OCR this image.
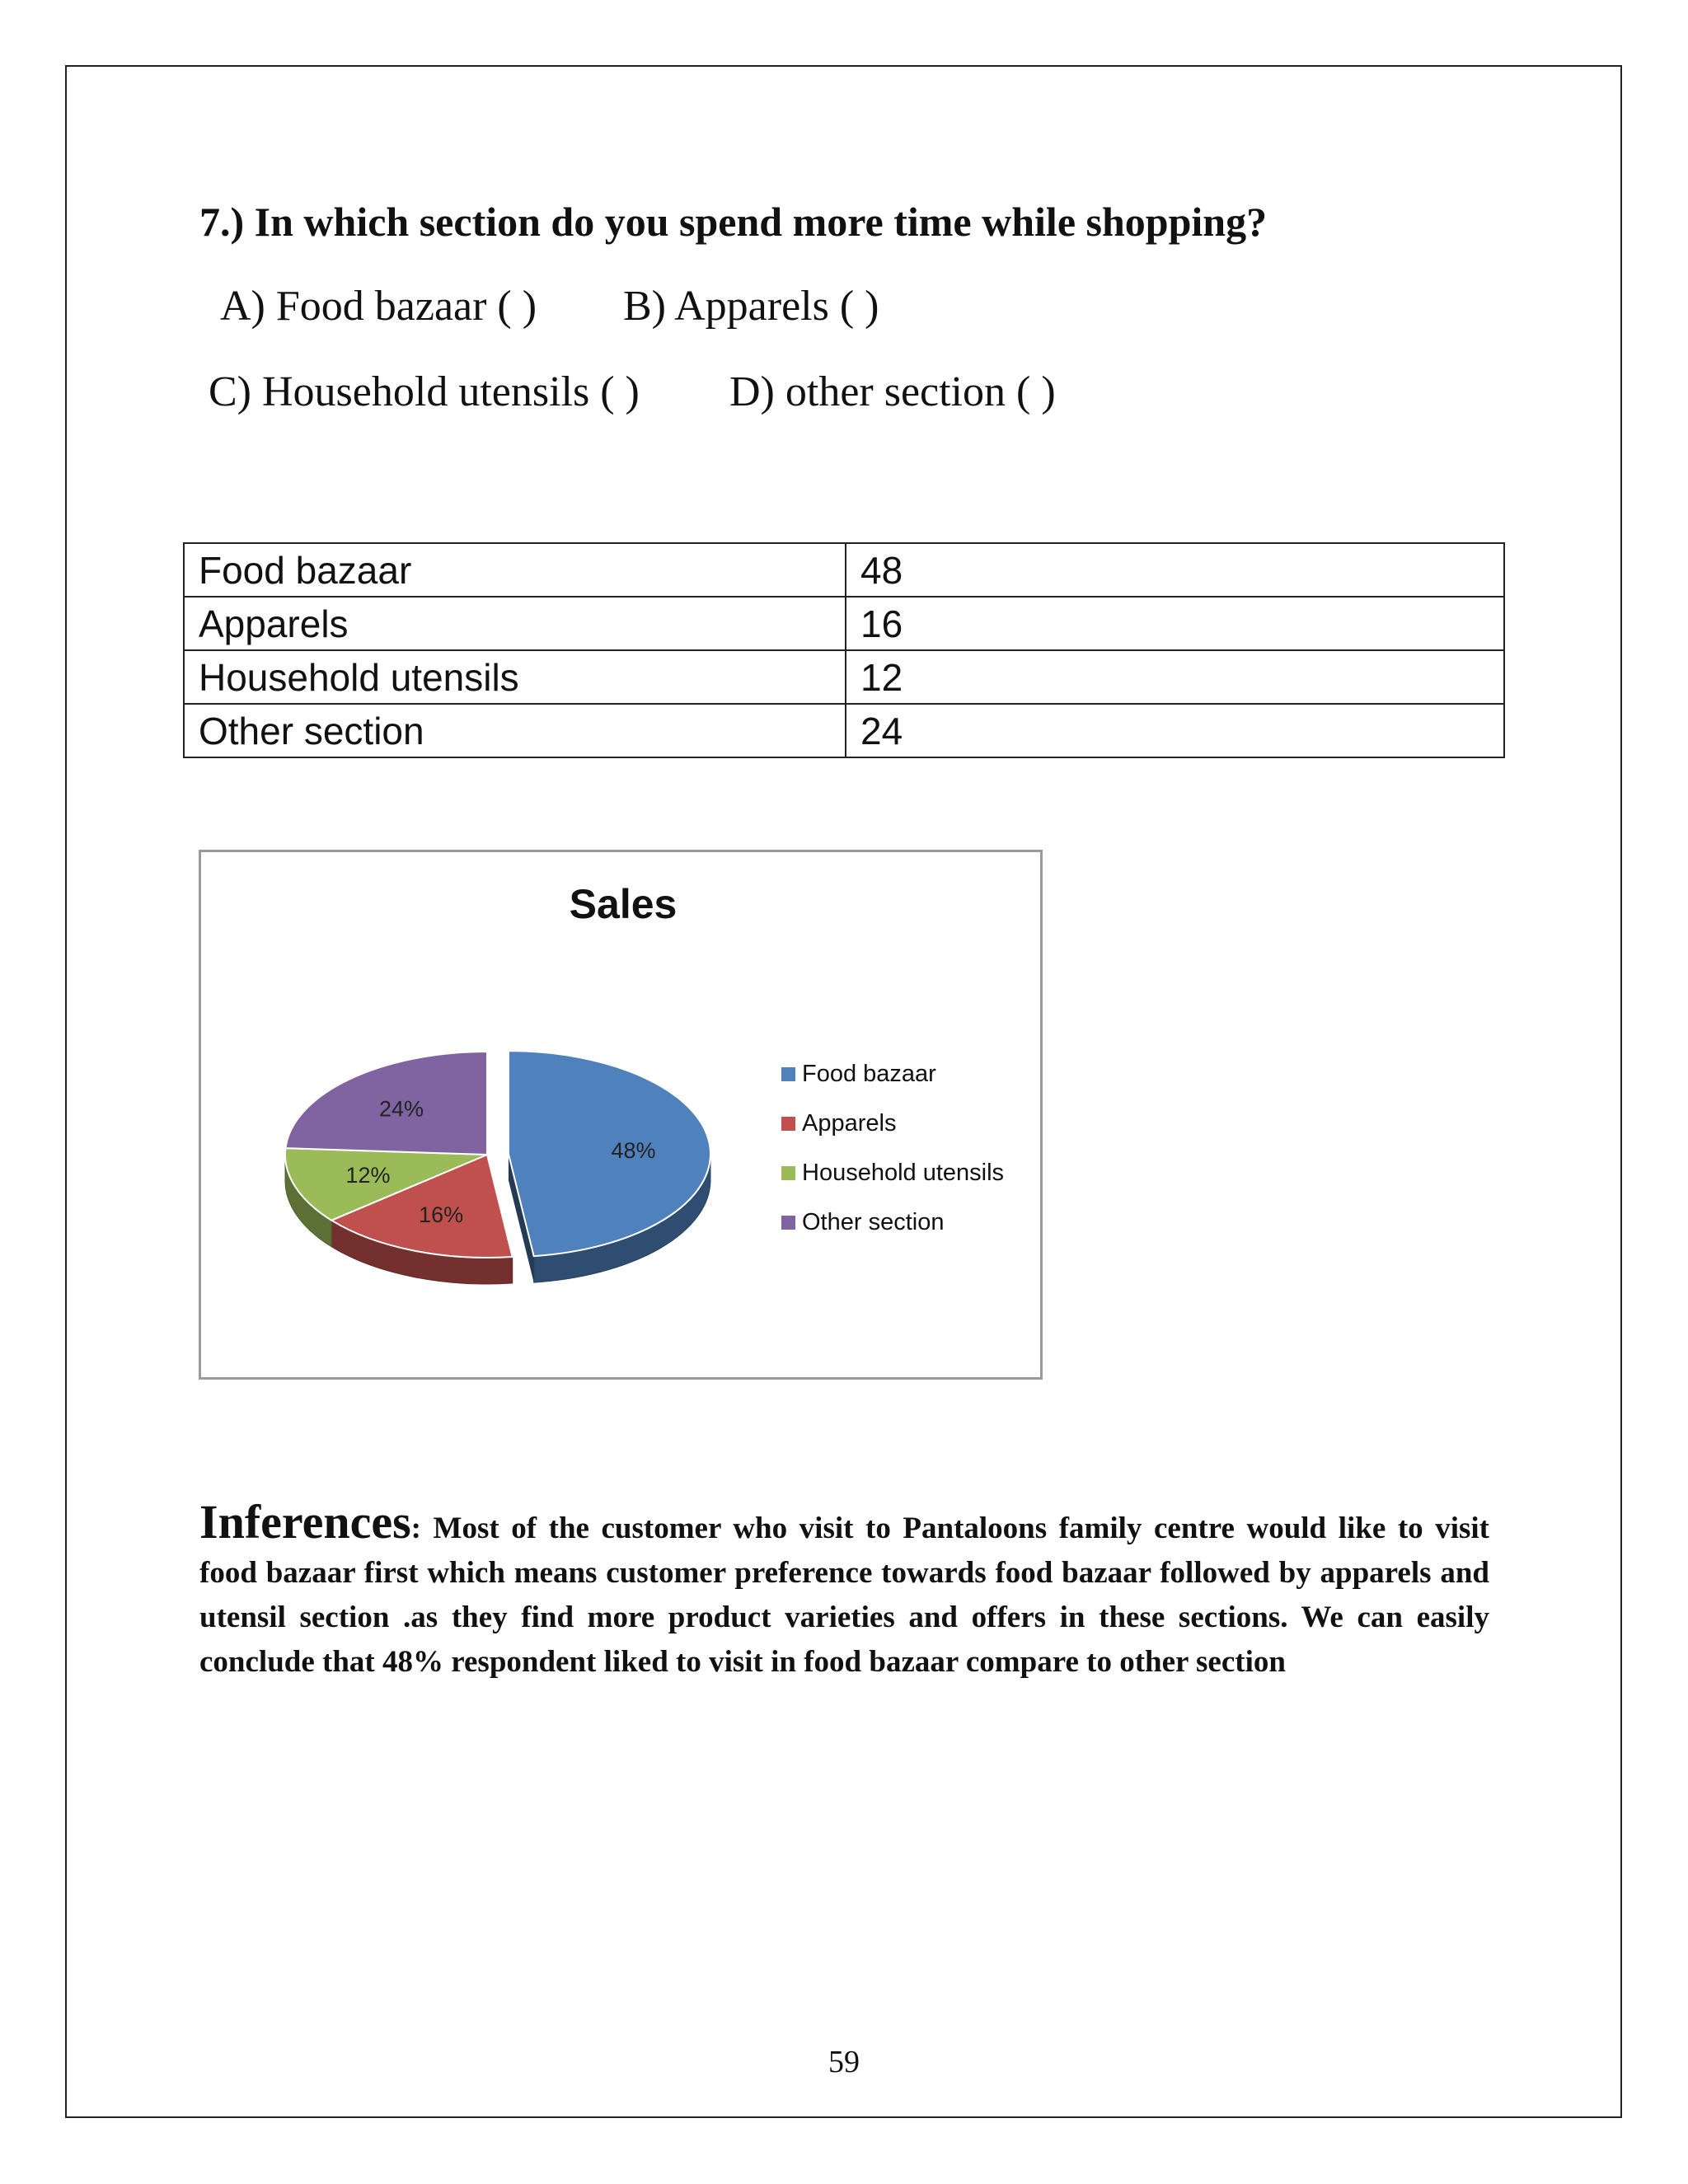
7.) In which section do you spend more time while shopping?
A) Food bazaar ( ) B) Apparels ( )
C) Household utensils ( ) D) other section ( )
Food bazaar	48
Apparels	16
Household utensils	12
Other section	24
Sales
48%
16%
12%
24%
Food bazaar
Apparels
Household utensils
Other section
Inferences: Most of the customer who visit to Pantaloons family centre would like to visit food bazaar first which means customer preference towards food bazaar followed by apparels and utensil section .as they find more product varieties and offers in these sections. We can easily conclude that 48% respondent liked to visit in food bazaar compare to other section
59
